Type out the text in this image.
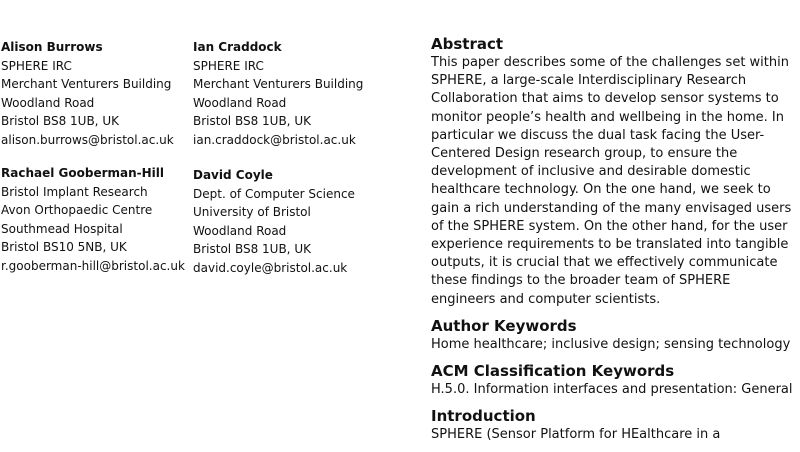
Alison Burrows
SPHERE IRC
Merchant Venturers Building
Woodland Road
Bristol BS8 1UB, UK
alison.burrows@bristol.ac.uk
Ian Craddock
SPHERE IRC
Merchant Venturers Building
Woodland Road
Bristol BS8 1UB, UK
ian.craddock@bristol.ac.uk
Rachael Gooberman-Hill
Bristol Implant Research
Avon Orthopaedic Centre
Southmead Hospital
Bristol BS10 5NB, UK
r.gooberman-hill@bristol.ac.uk
David Coyle
Dept. of Computer Science
University of Bristol
Woodland Road
Bristol BS8 1UB, UK
david.coyle@bristol.ac.uk
Abstract
This paper describes some of the challenges set within
SPHERE, a large-scale Interdisciplinary Research
Collaboration that aims to develop sensor systems to
monitor people’s health and wellbeing in the home. In
particular we discuss the dual task facing the User-
Centered Design research group, to ensure the
development of inclusive and desirable domestic
healthcare technology. On the one hand, we seek to
gain a rich understanding of the many envisaged users
of the SPHERE system. On the other hand, for the user
experience requirements to be translated into tangible
outputs, it is crucial that we effectively communicate
these findings to the broader team of SPHERE
engineers and computer scientists.
Author Keywords

Home healthcare; inclusive design; sensing technology

ACM Classification Keywords

H.5.0. Information interfaces and presentation: General

Introduction

SPHERE (Sensor Platform for HEalthcare in a
